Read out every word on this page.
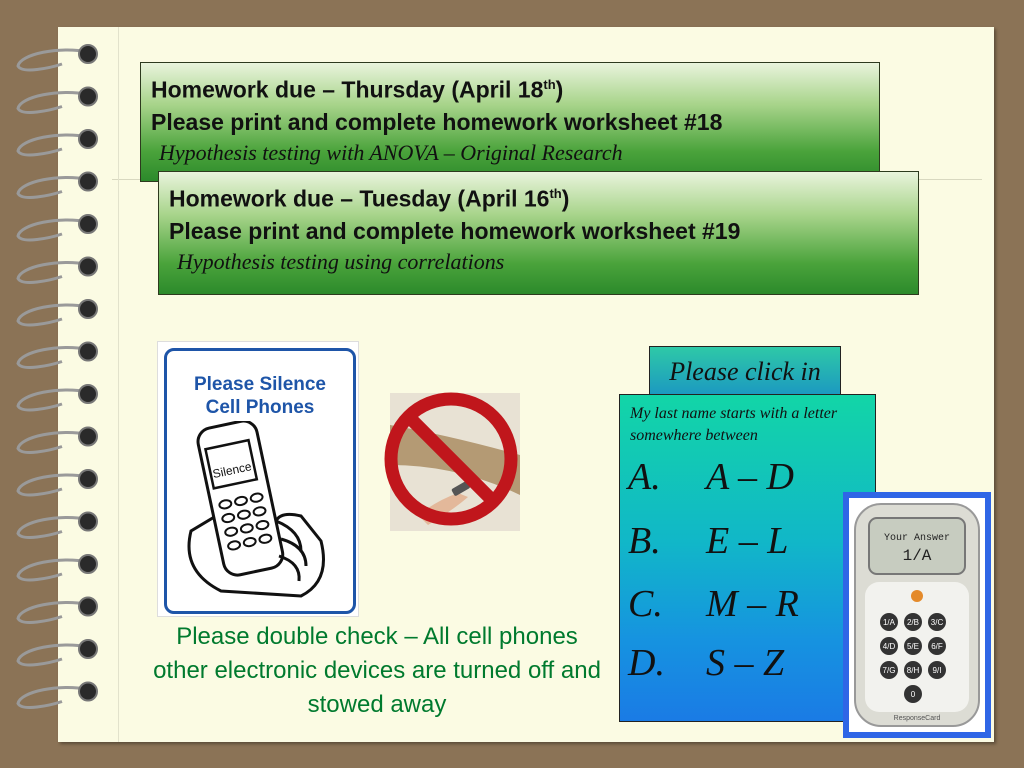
Homework due – Thursday (April 18th)
Please print and complete homework worksheet #18
Hypothesis testing with ANOVA – Original Research
Homework due – Tuesday (April 16th)
Please print and complete homework worksheet #19
Hypothesis testing using correlations
Please Silence
Cell Phones
Silence
Please double check – All cell phones other electronic devices are turned off and stowed away
Please click in
My last name starts with a letter somewhere between
A. A – D
B. E – L
C. M – R
D. S – Z
Your Answer
1/A
1/A 2/B 3/C
4/D 5/E 6/F
7/G 8/H 9/I
0
ResponseCard
